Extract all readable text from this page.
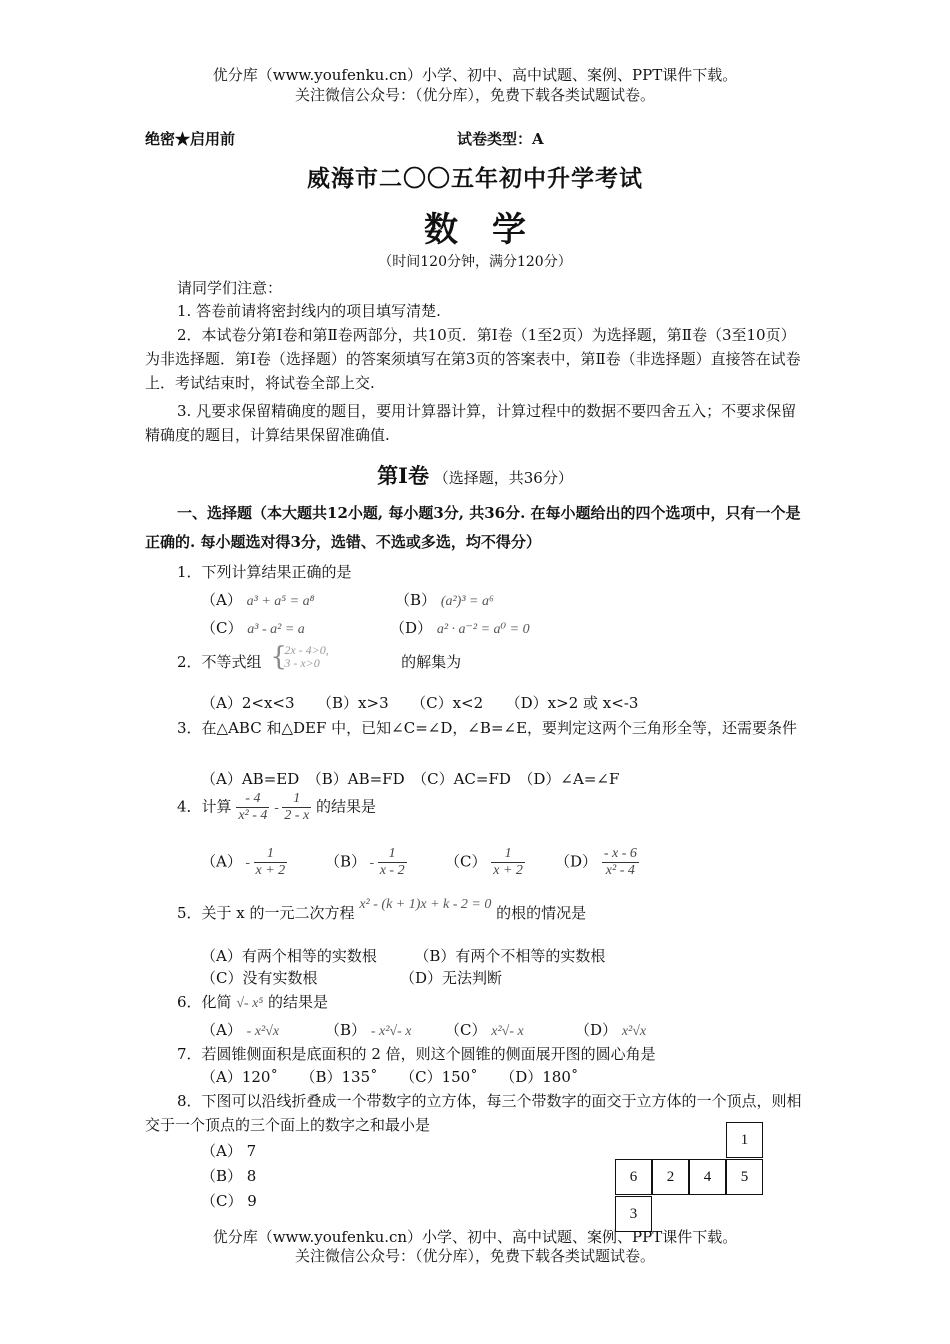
优分库（www.youfenku.cn）小学、初中、高中试题、案例、PPT课件下载。
关注微信公众号：（优分库），免费下载各类试题试卷。
绝密★启用前	试卷类型：A
威海市二〇〇五年初中升学考试
数　学
（时间120分钟，满分120分）
请同学们注意：
1. 答卷前请将密封线内的项目填写清楚.
2．本试卷分第Ⅰ卷和第Ⅱ卷两部分，共10页．第Ⅰ卷（1至2页）为选择题，第Ⅱ卷（3至10页）为非选择题．第Ⅰ卷（选择题）的答案须填写在第3页的答案表中，第Ⅱ卷（非选择题）直接答在试卷上．考试结束时，将试卷全部上交.
3. 凡要求保留精确度的题目，要用计算器计算，计算过程中的数据不要四舍五入；不要求保留精确度的题目，计算结果保留准确值.
第Ⅰ卷 （选择题，共36分）
一、选择题（本大题共12小题, 每小题3分, 共36分. 在每小题给出的四个选项中，只有一个是正确的. 每小题选对得3分，选错、不选或多选，均不得分）
1．下列计算结果正确的是
（A） a³ + a⁵ = a⁸	（B） (a²)³ = a⁶
（C） a³ - a² = a	（D） a² · a⁻² = a⁰ = 0
2．不等式组 {
2x - 4>0,
3 - x>0	的解集为
（A）2<x<3　　（B）x>3　　（C）x<2　　（D）x>2 或 x<-3
3．在△ABC 和△DEF 中，已知∠C=∠D，∠B=∠E，要判定这两个三角形全等，还需要条件
（A）AB=ED　（B）AB=FD　（C）AC=FD　（D）∠A=∠F
4．计算 $\frac{- 4}{\text{x² - 4}} - \frac{1}{2 - x}$ 的结果是
$(A) - \frac{1}{x + 2}$	$(B) - \frac{1}{x - 2}$	$(C) \frac{1}{x + 2} (D) \frac{- x - 6}{\text{x² - 4}}$
5．关于 x 的一元二次方程 x² - (k + 1)x + k - 2 = 0 的根的情况是
（A）有两个相等的实数根　　　（B）有两个不相等的实数根
（C）没有实数根　　　　　　（D）无法判断
6．化简 √- x⁵ 的结果是
（A） - x²√x	（B） - x²√- x （C） x²√- x	（D） x²√x
7．若圆锥侧面积是底面积的 2 倍，则这个圆锥的侧面展开图的圆心角是
（A）120˚　　（B）135˚　　（C）150˚　　（D）180˚
8．下图可以沿线折叠成一个带数字的立方体，每三个带数字的面交于立方体的一个顶点，则相交于一个顶点的三个面上的数字之和最小是
（A） 7
（B） 8
（C） 9
1
6	2	4	5
3
优分库（www.youfenku.cn）小学、初中、高中试题、案例、PPT课件下载。
关注微信公众号：（优分库），免费下载各类试题试卷。
